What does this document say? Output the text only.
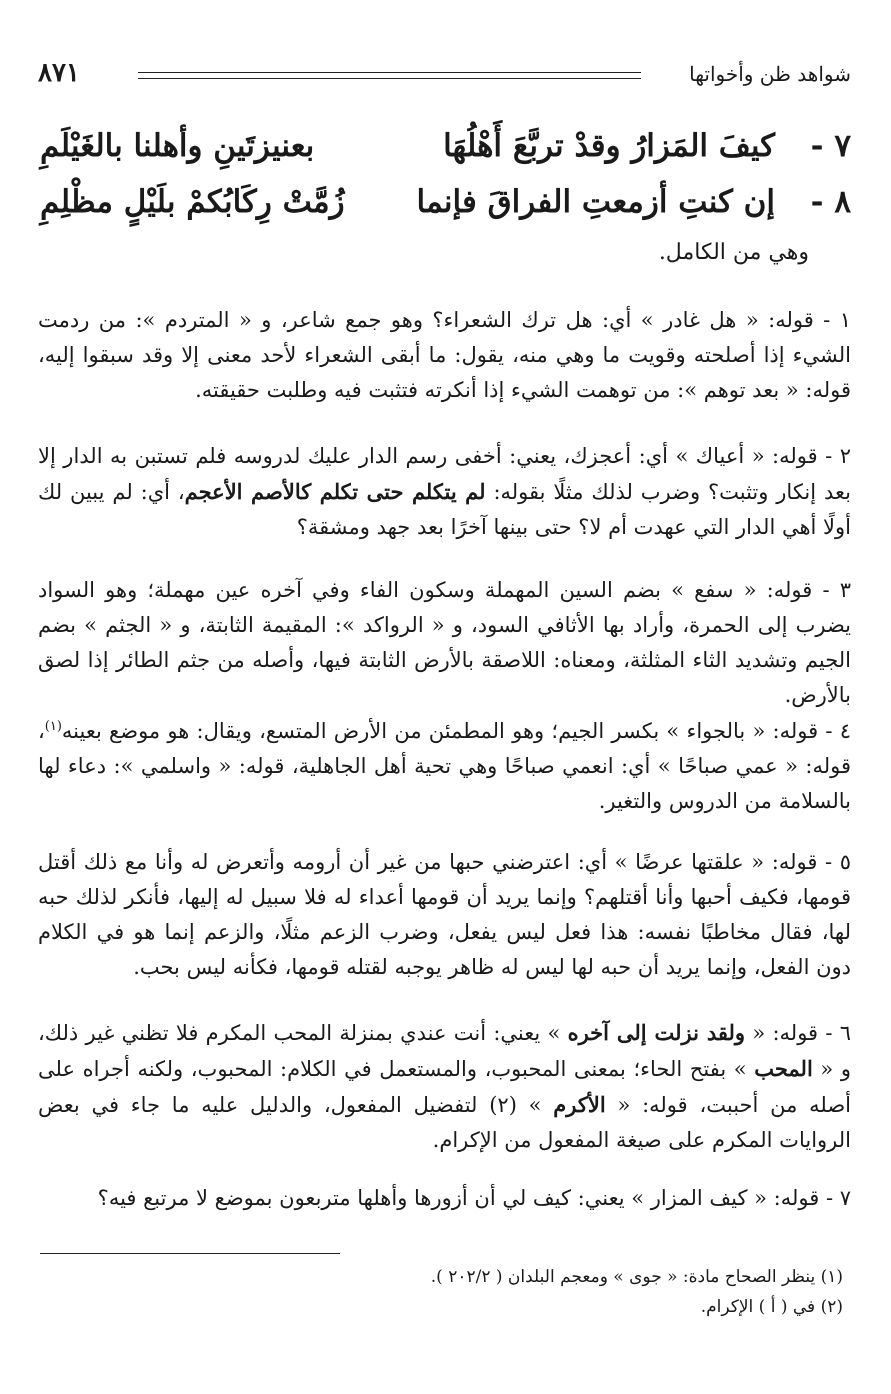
شواهد ظن وأخواتها
٨٧١
٧ -
كيفَ المَزارُ وقدْ تربَّعَ أَهْلُهَا
بعنيزتَينِ وأهلنا بالغَيْلَمِ
٨ -
إن كنتِ أزمعتِ الفراقَ فإنما
زُمَّتْ رِكَابُكمْ بلَيْلٍ مظْلِمِ
وهي من الكامل.

١ - قوله: « هل غادر » أي: هل ترك الشعراء؟ وهو جمع شاعر، و « المتردم »: من ردمت الشيء إذا أصلحته وقويت ما وهي منه، يقول: ما أبقى الشعراء لأحد معنى إلا وقد سبقوا إليه، قوله: « بعد توهم »: من توهمت الشيء إذا أنكرته فتثبت فيه وطلبت حقيقته.

٢ - قوله: « أعياك » أي: أعجزك، يعني: أخفى رسم الدار عليك لدروسه فلم تستبن به الدار إلا بعد إنكار وتثبت؟ وضرب لذلك مثلًا بقوله: لم يتكلم حتى تكلم كالأصم الأعجم، أي: لم يبين لك أولًا أهي الدار التي عهدت أم لا؟ حتى بينها آخرًا بعد جهد ومشقة؟

٣ - قوله: « سفع » بضم السين المهملة وسكون الفاء وفي آخره عين مهملة؛ وهو السواد يضرب إلى الحمرة، وأراد بها الأثافي السود، و « الرواكد »: المقيمة الثابتة، و « الجثم » بضم الجيم وتشديد الثاء المثلثة، ومعناه: اللاصقة بالأرض الثابتة فيها، وأصله من جثم الطائر إذا لصق بالأرض.

٤ - قوله: « بالجواء » بكسر الجيم؛ وهو المطمئن من الأرض المتسع، ويقال: هو موضع بعينه$^{(١)}$، قوله: « عمي صباحًا » أي: انعمي صباحًا وهي تحية أهل الجاهلية، قوله: « واسلمي »: دعاء لها بالسلامة من الدروس والتغير.

٥ - قوله: « علقتها عرضًا » أي: اعترضني حبها من غير أن أرومه وأتعرض له وأنا مع ذلك أقتل قومها، فكيف أحبها وأنا أقتلهم؟ وإنما يريد أن قومها أعداء له فلا سبيل له إليها، فأنكر لذلك حبه لها، فقال مخاطبًا نفسه: هذا فعل ليس يفعل، وضرب الزعم مثلًا، والزعم إنما هو في الكلام دون الفعل، وإنما يريد أن حبه لها ليس له ظاهر يوجبه لقتله قومها، فكأنه ليس بحب.

٦ - قوله: « ولقد نزلت إلى آخره » يعني: أنت عندي بمنزلة المحب المكرم فلا تظني غير ذلك، و « المحب » بفتح الحاء؛ بمعنى المحبوب، والمستعمل في الكلام: المحبوب، ولكنه أجراه على أصله من أحببت، قوله: « الأكرم » (٢) لتفضيل المفعول، والدليل عليه ما جاء في بعض الروايات المكرم على صيغة المفعول من الإكرام.

٧ - قوله: « كيف المزار » يعني: كيف لي أن أزورها وأهلها متربعون بموضع لا مرتبع فيه؟

(١) ينظر الصحاح مادة: « جوى » ومعجم البلدان ( ٢٠٢/٢ ).
(٢) في ( أ ) الإكرام.
